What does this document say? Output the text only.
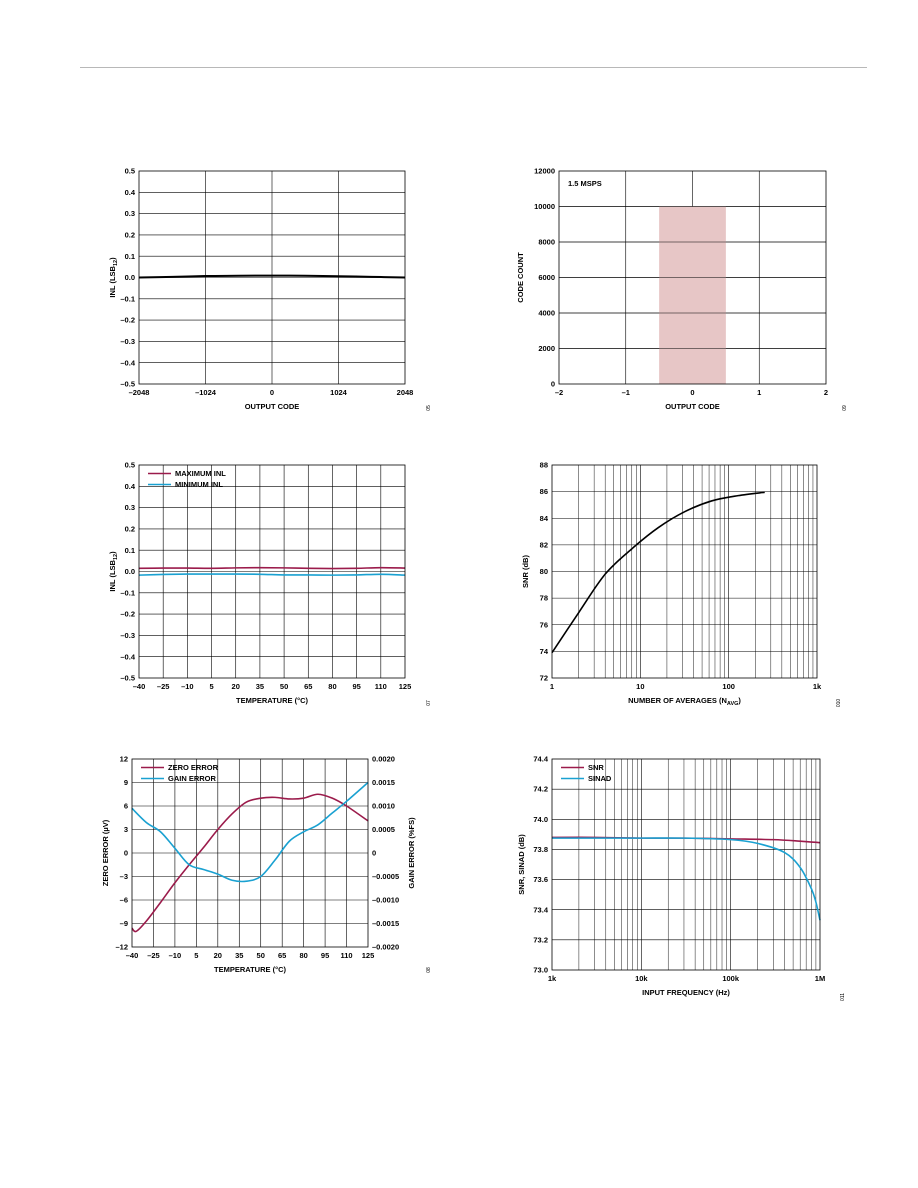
–0.5
–0.4
–0.3
–0.2
–0.1
0.0
0.1
0.2
0.3
0.4
0.5
–2048	–1024	0	1024	2048
OUTPUT CODE
INL $(LSB_{12})$
05
0
2000
4000
6000
8000
10000
12000
–2	–1	0	1	2
OUTPUT CODE
CODE COUNT
1.5 MSPS
09
–0.5
–0.4
–0.3
–0.2
–0.1
0.0
0.1
0.2
0.3
0.4
0.5
–40 –25 –10 5 20 35 50 65 80 95 110 125
TEMPERATURE (°C)
INL $(LSB_{12})$
MAXIMUM INL
MINIMUM INL
07
72
74
76
78
80
82
84
86
88
1	10	100	1k
NUMBER OF AVERAGES $(N_{AVG})$
SNR (dB)
010
–12
–9
–6
–3
0
3
6
9
12
–0.0020
–0.0015
–0.0010
–0.0005
0
0.0005
0.0010
0.0015
0.0020
–40 –25 –10 5 20 35 50 65 80 95 110 125
TEMPERATURE (°C)
ZERO ERROR (µV)	GAIN ERROR (%FS)
ZERO ERROR
GAIN ERROR
08	73.0
73.2
73.4
73.6
73.8
74.0
74.2
74.4
1k	10k	100k	1M
INPUT FREQUENCY (Hz)
SNR, SINAD (dB)
SNR
SINAD
011
